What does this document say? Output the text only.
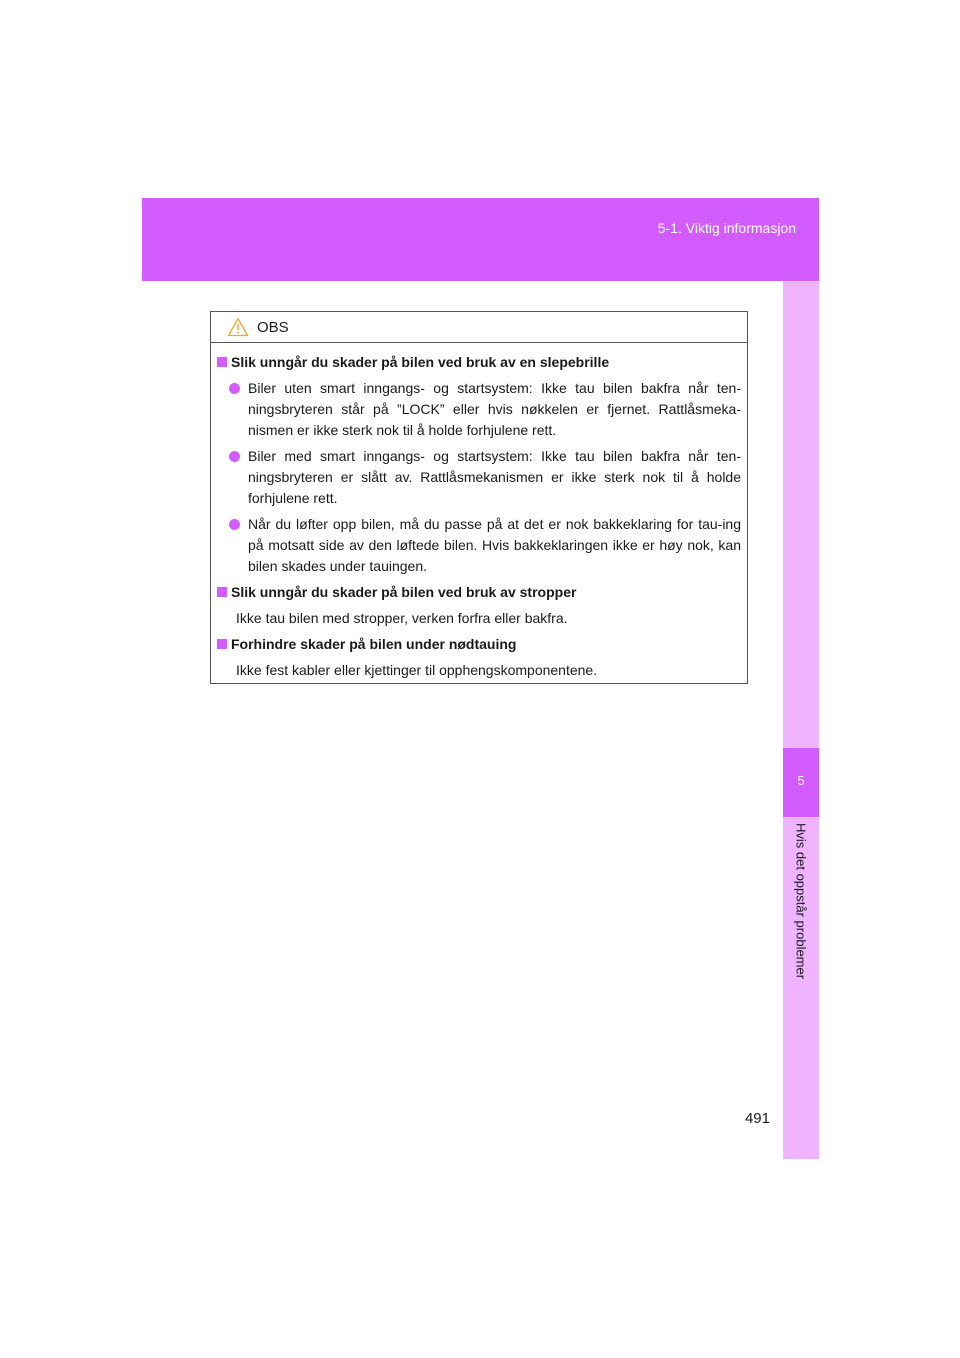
5-1. Viktig informasjon
5
Hvis det oppstår problemer
OBS
Slik unngår du skader på bilen ved bruk av en slepebrille
Biler uten smart inngangs- og startsystem: Ikke tau bilen bakfra når ten-ningsbryteren står på ”LOCK” eller hvis nøkkelen er fjernet. Rattlåsmeka-nismen er ikke sterk nok til å holde forhjulene rett.
Biler med smart inngangs- og startsystem: Ikke tau bilen bakfra når ten-ningsbryteren er slått av. Rattlåsmekanismen er ikke sterk nok til å holde forhjulene rett.
Når du løfter opp bilen, må du passe på at det er nok bakkeklaring for tau-ing på motsatt side av den løftede bilen. Hvis bakkeklaringen ikke er høy nok, kan bilen skades under tauingen.
Slik unngår du skader på bilen ved bruk av stropper
Ikke tau bilen med stropper, verken forfra eller bakfra.
Forhindre skader på bilen under nødtauing
Ikke fest kabler eller kjettinger til opphengskomponentene.
491
